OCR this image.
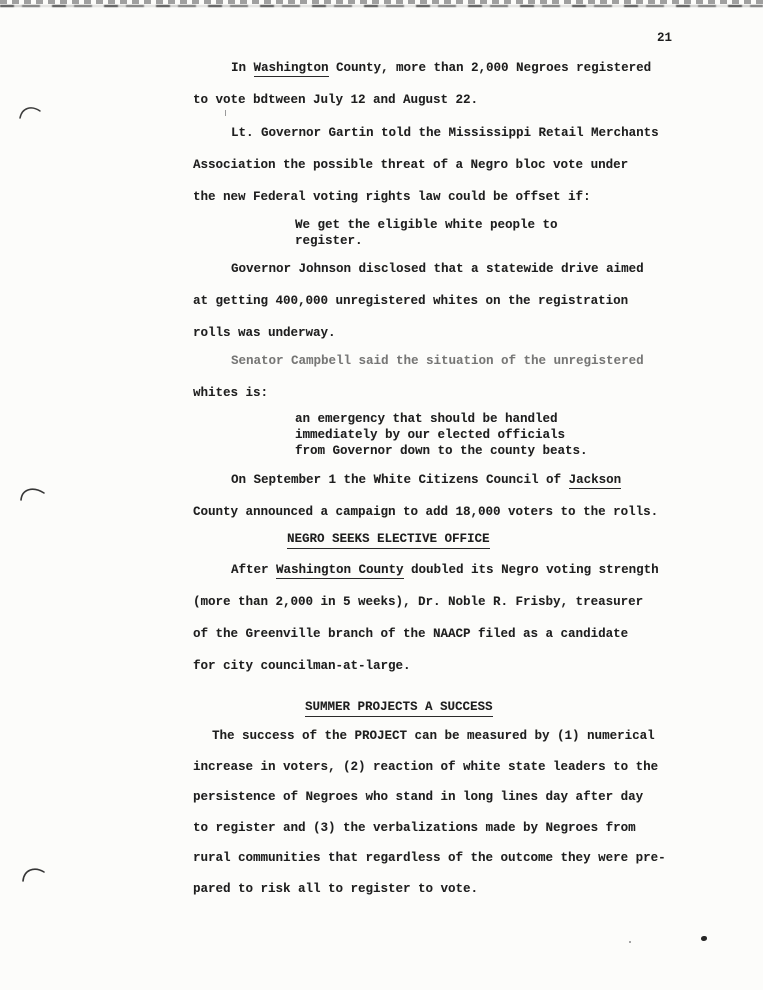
21
In Washington County, more than 2,000 Negroes registered
to vote bdtween July 12 and August 22.
Lt. Governor Gartin told the Mississippi Retail Merchants
Association the possible threat of a Negro bloc vote under
the new Federal voting rights law could be offset if:
We get the eligible white people to
register.
Governor Johnson disclosed that a statewide drive aimed
at getting 400,000 unregistered whites on the registration
rolls was underway.
Senator Campbell said the situation of the unregistered
whites is:
an emergency that should be handled
immediately by our elected officials
from Governor down to the county beats.
On September 1 the White Citizens Council of Jackson
County announced a campaign to add 18,000 voters to the rolls.
NEGRO SEEKS ELECTIVE OFFICE
After Washington County doubled its Negro voting strength
(more than 2,000 in 5 weeks), Dr. Noble R. Frisby, treasurer
of the Greenville branch of the NAACP filed as a candidate
for city councilman-at-large.
SUMMER PROJECTS A SUCCESS
The success of the PROJECT can be measured by (1) numerical
increase in voters, (2) reaction of white state leaders to the
persistence of Negroes who stand in long lines day after day
to register and (3) the verbalizations made by Negroes from
rural communities that regardless of the outcome they were pre-
pared to risk all to register to vote.
